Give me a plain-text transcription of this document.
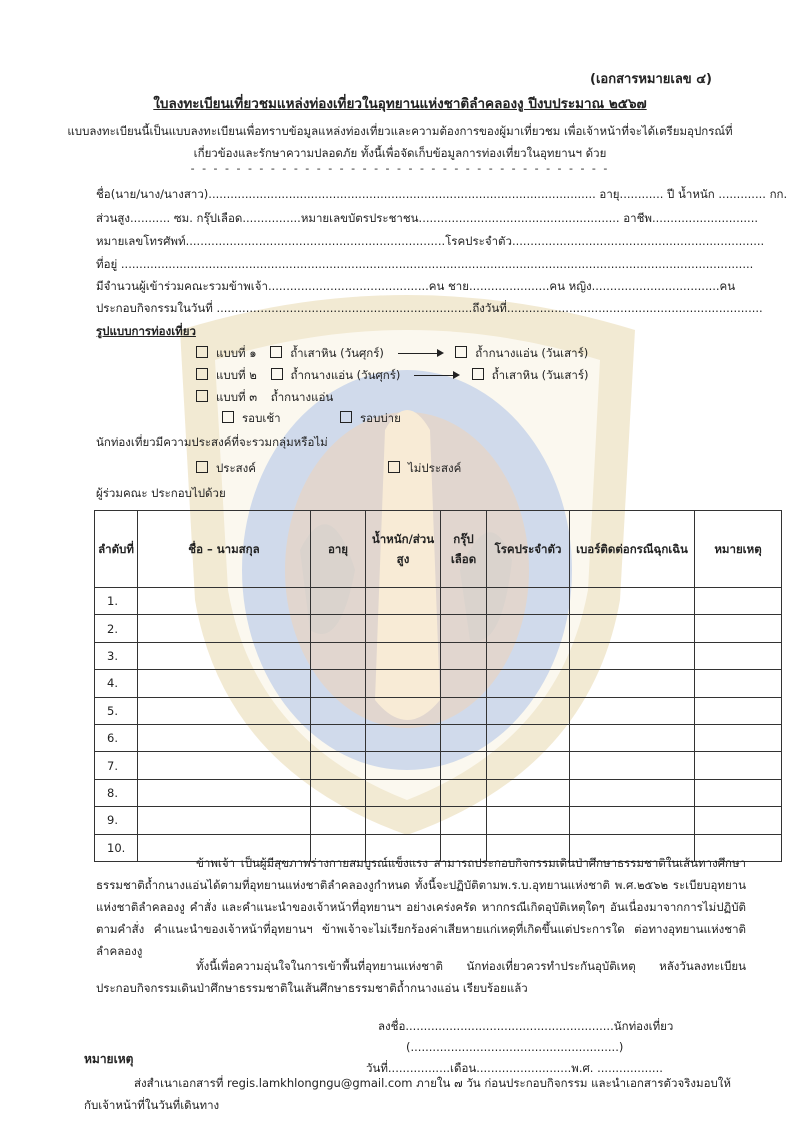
(เอกสารหมายเลข ๔)
ใบลงทะเบียนเที่ยวชมแหล่งท่องเที่ยวในอุทยานแห่งชาติลำคลองงู ปีงบประมาณ ๒๕๖๗
แบบลงทะเบียนนี้เป็นแบบลงทะเบียนเพื่อทราบข้อมูลแหล่งท่องเที่ยวและความต้องการของผู้มาเที่ยวชม เพื่อเจ้าหน้าที่จะได้เตรียมอุปกรณ์ที่เกี่ยวข้องและรักษาความปลอดภัย ทั้งนี้เพื่อจัดเก็บข้อมูลการท่องเที่ยวในอุทยานฯ ด้วย
- - - - - - - - - - - - - - - - - - - - - - - - - - - - - - - - - - - - -
ชื่อ(นาย/นาง/นางสาว).......................................................................................................... อายุ............ ปี น้ำหนัก ............. กก.
ส่วนสูง........... ซม. กรุ๊ปเลือด................หมายเลขบัตรประชาชน....................................................... อาชีพ.............................
หมายเลขโทรศัพท์.......................................................................โรคประจำตัว.....................................................................
ที่อยู่ .............................................................................................................................................................................
มีจำนวนผู้เข้าร่วมคณะรวมข้าพเจ้า............................................คน ชาย......................คน หญิง...................................คน
ประกอบกิจกรรมในวันที่ ......................................................................ถึงวันที่......................................................................
รูปแบบการท่องเที่ยว
แบบที่ ๑	ถ้ำเสาหิน (วันศุกร์)	ถ้ำกนางแอ่น (วันเสาร์)
แบบที่ ๒	ถ้ำกนางแอ่น (วันศุกร์)	ถ้ำเสาหิน (วันเสาร์)
แบบที่ ๓ ถ้ำกนางแอ่น
รอบเช้า	รอบบ่าย
นักท่องเที่ยวมีความประสงค์ที่จะรวมกลุ่มหรือไม่
ประสงค์	ไม่ประสงค์
ผู้ร่วมคณะ ประกอบไปด้วย
ลำดับที่	ชื่อ – นามสกุล	อายุ	น้ำหนัก/ส่วนสูง	กรุ๊ปเลือด	โรคประจำตัว	เบอร์ติดต่อกรณีฉุกเฉิน	หมายเหตุ
1.							
2.							
3.							
4.							
5.							
6.							
7.							
8.							
9.							
10.							
ข้าพเจ้า เป็นผู้มีสุขภาพร่างกายสมบูรณ์แข็งแรง สามารถประกอบกิจกรรมเดินป่าศึกษาธรรมชาติในเส้นทางศึกษาธรรมชาติถ้ำกนางแอ่นได้ตามที่อุทยานแห่งชาติลำคลองงูกำหนด ทั้งนี้จะปฏิบัติตามพ.ร.บ.อุทยานแห่งชาติ พ.ศ.๒๕๖๒ ระเบียบอุทยานแห่งชาติลำคลองงู คำสั่ง และคำแนะนำของเจ้าหน้าที่อุทยานฯ อย่างเคร่งครัด หากกรณีเกิดอุบัติเหตุใดๆ อันเนื่องมาจากการไม่ปฏิบัติตามคำสั่ง คำแนะนำของเจ้าหน้าที่อุทยานฯ ข้าพเจ้าจะไม่เรียกร้องค่าเสียหายแก่เหตุที่เกิดขึ้นแต่ประการใด ต่อทางอุทยานแห่งชาติลำคลองงู
ทั้งนี้เพื่อความอุ่นใจในการเข้าพื้นที่อุทยานแห่งชาติ นักท่องเที่ยวควรทำประกันอุบัติเหตุ หลังวันลงทะเบียนประกอบกิจกรรมเดินป่าศึกษาธรรมชาติในเส้นศึกษาธรรมชาติถ้ำกนางแอ่น เรียบร้อยแล้ว
ลงชื่อ.........................................................นักท่องเที่ยว
(.........................................................)
วันที่.................เดือน..........................พ.ศ. ..................
หมายเหตุ
ส่งสำเนาเอกสารที่ regis.lamkhlongngu@gmail.com ภายใน ๗ วัน ก่อนประกอบกิจกรรม และนำเอกสารตัวจริงมอบให้กับเจ้าหน้าที่ในวันที่เดินทาง
